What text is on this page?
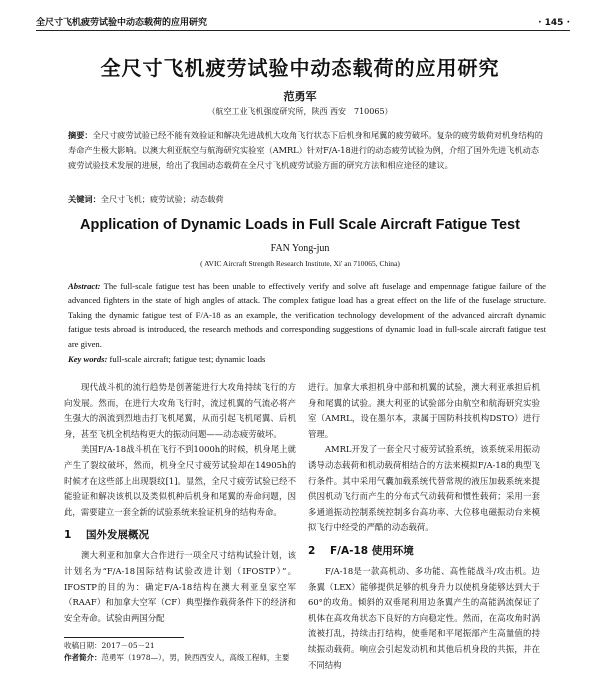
全尺寸飞机疲劳试验中动态载荷的应用研究	· 145 ·
全尺寸飞机疲劳试验中动态载荷的应用研究
范勇军
（航空工业飞机强度研究所，陕西 西安　710065）
摘要：全尺寸疲劳试验已经不能有效验证和解决先进战机大攻角飞行状态下后机身和尾翼的疲劳破坏。复杂的疲劳载荷对机身结构的寿命产生极大影响。以澳大利亚航空与航海研究实验室（AMRL）针对F/A-18进行的动态疲劳试验为例，介绍了国外先进飞机动态疲劳试验技术发展的进展，给出了我国动态载荷在全尺寸飞机疲劳试验方面的研究方法和相应途径的建议。
关键词：全尺寸飞机；疲劳试验；动态载荷
Application of Dynamic Loads in Full Scale Aircraft Fatigue Test
FAN Yong-jun
( AVIC Aircraft Strength Research Institute, Xi' an 710065, China)
Abstract: The full-scale fatigue test has been unable to effectively verify and solve aft fuselage and empennage fatigue failure of the advanced fighters in the state of high angles of attack. The complex fatigue load has a great effect on the life of the fuselage structure. Taking the dynamic fatigue test of F/A-18 as an example, the verification technology development of the advanced aircraft dynamic fatigue tests abroad is introduced, the research methods and corresponding suggestions of dynamic load in full-scale aircraft fatigue test are given.
Key words: full-scale aircraft; fatigue test; dynamic loads

现代战斗机的流行趋势是创著能进行大攻角持续飞行的方向发展。然而，在进行大攻角飞行时，流过机翼的气流必将产生强大的涡流到烈地击打飞机尾翼，从而引起飞机尾翼、后机身，甚至飞机全机结构更大的振动问题——动态疲劳破坏。

美国F/A-18战斗机在飞行不到1000h的时候，机身尾上就产生了裂纹破坏，然而，机身全尺寸疲劳试验却在14905h的时候才在这些部上出现裂纹[1]。显然，全尺寸疲劳试验已经不能验证和解决该机以及类似机种后机身和尾翼的寿命问题，因此，需要建立一套全新的试验系统来验证机身的结构寿命。

1 国外发展概况

澳大利亚和加拿大合作进行一项全尺寸结构试验计划，该计划名为“F/A-18国际结构试验改进计划（IFOSTP）”。IFOSTP的目的为：确定F/A-18结构在澳大利亚皇家空军（RAAF）和加拿大空军（CF）典型操作载荷条件下的经济和安全寿命。试验由两国分配

进行。加拿大承担机身中部和机翼的试验，澳大利亚承担后机身和尾翼的试验。澳大利亚的试验部分由航空和航海研究实验室（AMRL，设在墨尔本，隶属于国防科技机构DSTO）进行管理。

AMRL开发了一套全尺寸疲劳试验系统，该系统采用振动诱导动态载荷和机动载荷相结合的方法来模拟F/A-18的典型飞行条件。其中采用气囊加载系统代替常规的液压加载系统来提供因机动飞行而产生的分布式气动载荷和惯性载荷；采用一套多通道振动控制系统控制多台高功率、大位移电磁振动台来模拟飞行中经受的严酷的动态载荷。

2 F/A-18 使用环境

F/A-18是一款高机动、多功能、高性能战斗/攻击机。边条翼（LEX）能够提供足够的机身升力以使机身能够达到大于60°的攻角。倾斜的双垂尾利用边条翼产生的高能涡流保证了机体在高攻角状态下良好的方向稳定性。然而，在高攻角时涡流被打乱，持续击打结构，使垂尾和平尾振部产生高量值的持续振动载荷。响应会引起发动机和其他后机身段的共振，并在不同结构

收稿日期：2017－05－21
作者简介：范勇军（1978—），男，陕西西安人，高级工程师，主要
